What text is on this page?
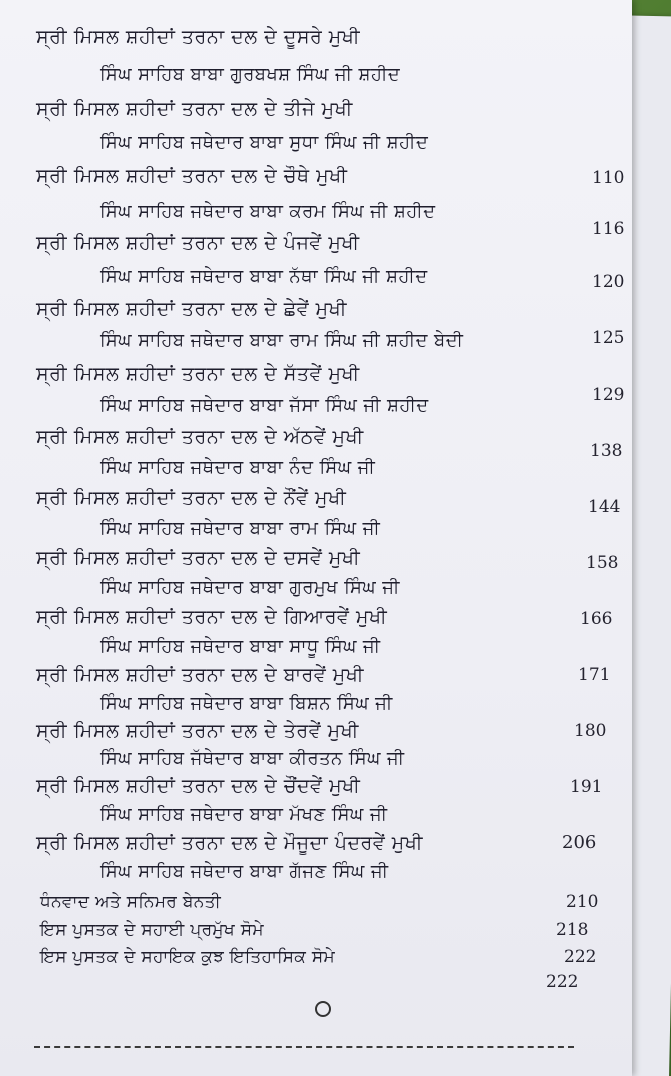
ਸ੍ਰੀ ਮਿਸਲ ਸ਼ਹੀਦਾਂ ਤਰਨਾ ਦਲ ਦੇ ਦੂਸਰੇ ਮੁਖੀ
ਸਿੰਘ ਸਾਹਿਬ ਬਾਬਾ ਗੁਰਬਖਸ਼ ਸਿੰਘ ਜੀ ਸ਼ਹੀਦ
ਸ੍ਰੀ ਮਿਸਲ ਸ਼ਹੀਦਾਂ ਤਰਨਾ ਦਲ ਦੇ ਤੀਜੇ ਮੁਖੀ
ਸਿੰਘ ਸਾਹਿਬ ਜਥੇਦਾਰ ਬਾਬਾ ਸੁਧਾ ਸਿੰਘ ਜੀ ਸ਼ਹੀਦ
ਸ੍ਰੀ ਮਿਸਲ ਸ਼ਹੀਦਾਂ ਤਰਨਾ ਦਲ ਦੇ ਚੌਥੇ ਮੁਖੀ
ਸਿੰਘ ਸਾਹਿਬ ਜਥੇਦਾਰ ਬਾਬਾ ਕਰਮ ਸਿੰਘ ਜੀ ਸ਼ਹੀਦ
ਸ੍ਰੀ ਮਿਸਲ ਸ਼ਹੀਦਾਂ ਤਰਨਾ ਦਲ ਦੇ ਪੰਜਵੇਂ ਮੁਖੀ
ਸਿੰਘ ਸਾਹਿਬ ਜਥੇਦਾਰ ਬਾਬਾ ਨੱਥਾ ਸਿੰਘ ਜੀ ਸ਼ਹੀਦ
ਸ੍ਰੀ ਮਿਸਲ ਸ਼ਹੀਦਾਂ ਤਰਨਾ ਦਲ ਦੇ ਛੇਵੇਂ ਮੁਖੀ
ਸਿੰਘ ਸਾਹਿਬ ਜਥੇਦਾਰ ਬਾਬਾ ਰਾਮ ਸਿੰਘ ਜੀ ਸ਼ਹੀਦ ਬੇਦੀ
ਸ੍ਰੀ ਮਿਸਲ ਸ਼ਹੀਦਾਂ ਤਰਨਾ ਦਲ ਦੇ ਸੱਤਵੇਂ ਮੁਖੀ
ਸਿੰਘ ਸਾਹਿਬ ਜਥੇਦਾਰ ਬਾਬਾ ਜੱਸਾ ਸਿੰਘ ਜੀ ਸ਼ਹੀਦ
ਸ੍ਰੀ ਮਿਸਲ ਸ਼ਹੀਦਾਂ ਤਰਨਾ ਦਲ ਦੇ ਅੱਠਵੇਂ ਮੁਖੀ
ਸਿੰਘ ਸਾਹਿਬ ਜਥੇਦਾਰ ਬਾਬਾ ਨੰਦ ਸਿੰਘ ਜੀ
ਸ੍ਰੀ ਮਿਸਲ ਸ਼ਹੀਦਾਂ ਤਰਨਾ ਦਲ ਦੇ ਨੌਂਵੇਂ ਮੁਖੀ
ਸਿੰਘ ਸਾਹਿਬ ਜਥੇਦਾਰ ਬਾਬਾ ਰਾਮ ਸਿੰਘ ਜੀ
ਸ੍ਰੀ ਮਿਸਲ ਸ਼ਹੀਦਾਂ ਤਰਨਾ ਦਲ ਦੇ ਦਸਵੇਂ ਮੁਖੀ
ਸਿੰਘ ਸਾਹਿਬ ਜਥੇਦਾਰ ਬਾਬਾ ਗੁਰਮੁਖ ਸਿੰਘ ਜੀ
ਸ੍ਰੀ ਮਿਸਲ ਸ਼ਹੀਦਾਂ ਤਰਨਾ ਦਲ ਦੇ ਗਿਆਰਵੇਂ ਮੁਖੀ
ਸਿੰਘ ਸਾਹਿਬ ਜਥੇਦਾਰ ਬਾਬਾ ਸਾਧੂ ਸਿੰਘ ਜੀ
ਸ੍ਰੀ ਮਿਸਲ ਸ਼ਹੀਦਾਂ ਤਰਨਾ ਦਲ ਦੇ ਬਾਰਵੇਂ ਮੁਖੀ
ਸਿੰਘ ਸਾਹਿਬ ਜਥੇਦਾਰ ਬਾਬਾ ਬਿਸ਼ਨ ਸਿੰਘ ਜੀ
ਸ੍ਰੀ ਮਿਸਲ ਸ਼ਹੀਦਾਂ ਤਰਨਾ ਦਲ ਦੇ ਤੇਰਵੇਂ ਮੁਖੀ
ਸਿੰਘ ਸਾਹਿਬ ਜੱਥੇਦਾਰ ਬਾਬਾ ਕੀਰਤਨ ਸਿੰਘ ਜੀ
ਸ੍ਰੀ ਮਿਸਲ ਸ਼ਹੀਦਾਂ ਤਰਨਾ ਦਲ ਦੇ ਚੌਂਦਵੇਂ ਮੁਖੀ
ਸਿੰਘ ਸਾਹਿਬ ਜਥੇਦਾਰ ਬਾਬਾ ਮੱਖਣ ਸਿੰਘ ਜੀ
ਸ੍ਰੀ ਮਿਸਲ ਸ਼ਹੀਦਾਂ ਤਰਨਾ ਦਲ ਦੇ ਮੌਜੂਦਾ ਪੰਦਰਵੇਂ ਮੁਖੀ
ਸਿੰਘ ਸਾਹਿਬ ਜਥੇਦਾਰ ਬਾਬਾ ਗੱਜਣ ਸਿੰਘ ਜੀ
ਧੰਨਵਾਦ ਅਤੇ ਸਨਿਮਰ ਬੇਨਤੀ
ਇਸ ਪੁਸਤਕ ਦੇ ਸਹਾਈ ਪ੍ਰਮੁੱਖ ਸੋਮੇ
ਇਸ ਪੁਸਤਕ ਦੇ ਸਹਾਇਕ ਕੁਝ ਇਤਿਹਾਸਿਕ ਸੋਮੇ
110
116
120
125
129
138
144
158
166
171
180
191
206
210
218
222
222
